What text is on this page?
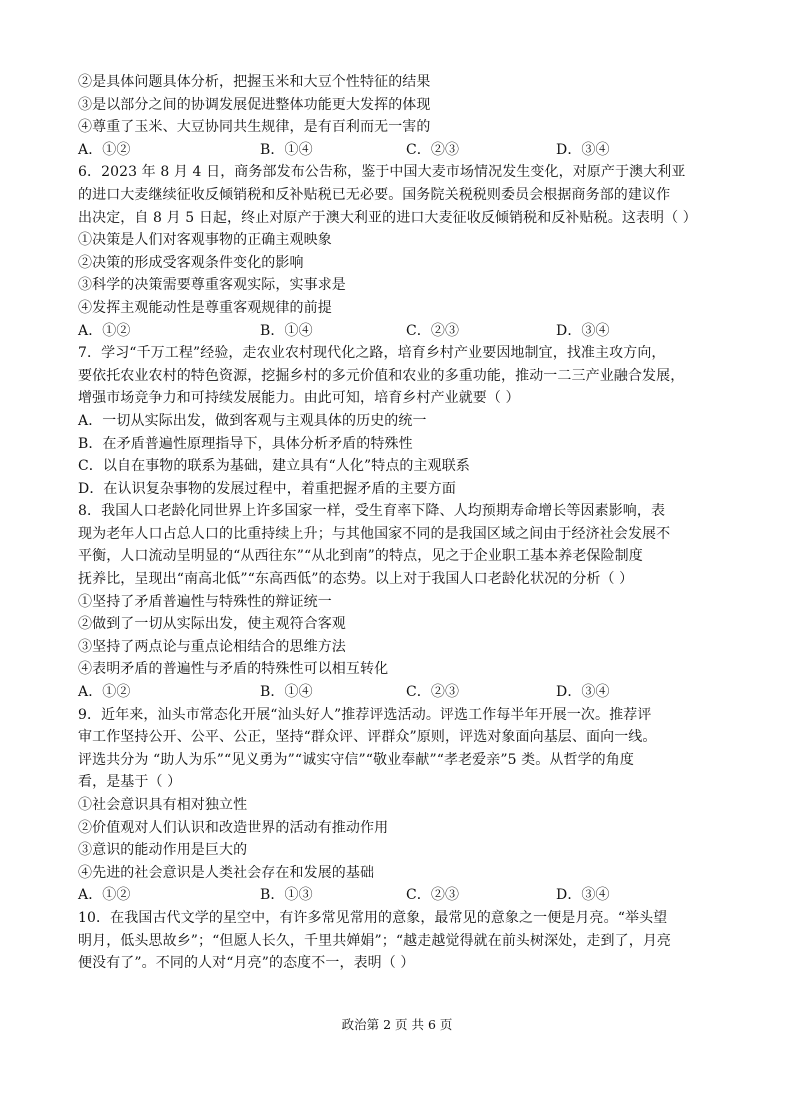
②是具体问题具体分析，把握玉米和大豆个性特征的结果
③是以部分之间的协调发展促进整体功能更大发挥的体现
④尊重了玉米、大豆协同共生规律，是有百利而无一害的
A．①②	B．①④	C．②③	D．③④
6．2023 年 8 月 4 日，商务部发布公告称，鉴于中国大麦市场情况发生变化，对原产于澳大利亚
的进口大麦继续征收反倾销税和反补贴税已无必要。国务院关税税则委员会根据商务部的建议作
出决定，自 8 月 5 日起，终止对原产于澳大利亚的进口大麦征收反倾销税和反补贴税。这表明（ ）
①决策是人们对客观事物的正确主观映象
②决策的形成受客观条件变化的影响
③科学的决策需要尊重客观实际，实事求是
④发挥主观能动性是尊重客观规律的前提
A．①②	B．①④	C．②③	D．③④
7．学习“千万工程”经验，走农业农村现代化之路，培育乡村产业要因地制宜，找准主攻方向，
要依托农业农村的特色资源，挖掘乡村的多元价值和农业的多重功能，推动一二三产业融合发展，
增强市场竞争力和可持续发展能力。由此可知，培育乡村产业就要（ ）
A．一切从实际出发，做到客观与主观具体的历史的统一
B．在矛盾普遍性原理指导下，具体分析矛盾的特殊性
C．以自在事物的联系为基础，建立具有“人化”特点的主观联系
D．在认识复杂事物的发展过程中，着重把握矛盾的主要方面
8．我国人口老龄化同世界上许多国家一样，受生育率下降、人均预期寿命增长等因素影响，表
现为老年人口占总人口的比重持续上升；与其他国家不同的是我国区域之间由于经济社会发展不
平衡，人口流动呈明显的“从西往东”“从北到南”的特点，见之于企业职工基本养老保险制度
抚养比，呈现出“南高北低”“东高西低”的态势。以上对于我国人口老龄化状况的分析（ ）
①坚持了矛盾普遍性与特殊性的辩证统一
②做到了一切从实际出发，使主观符合客观
③坚持了两点论与重点论相结合的思维方法
④表明矛盾的普遍性与矛盾的特殊性可以相互转化
A．①②	B．①④	C．②③	D．③④
9．近年来，汕头市常态化开展“汕头好人”推荐评选活动。评选工作每半年开展一次。推荐评
审工作坚持公开、公平、公正，坚持“群众评、评群众”原则，评选对象面向基层、面向一线。
评选共分为 “助人为乐”“见义勇为”“诚实守信”“敬业奉献”“孝老爱亲”5 类。从哲学的角度
看，是基于（ ）
①社会意识具有相对独立性
②价值观对人们认识和改造世界的活动有推动作用
③意识的能动作用是巨大的
④先进的社会意识是人类社会存在和发展的基础
A．①②	B．①③	C．②③	D．③④
10．在我国古代文学的星空中，有许多常见常用的意象，最常见的意象之一便是月亮。“举头望
明月，低头思故乡”；“但愿人长久，千里共婵娟”；“越走越觉得就在前头树深处，走到了，月亮
便没有了”。不同的人对“月亮”的态度不一，表明（ ）
政治第 2 页 共 6 页
